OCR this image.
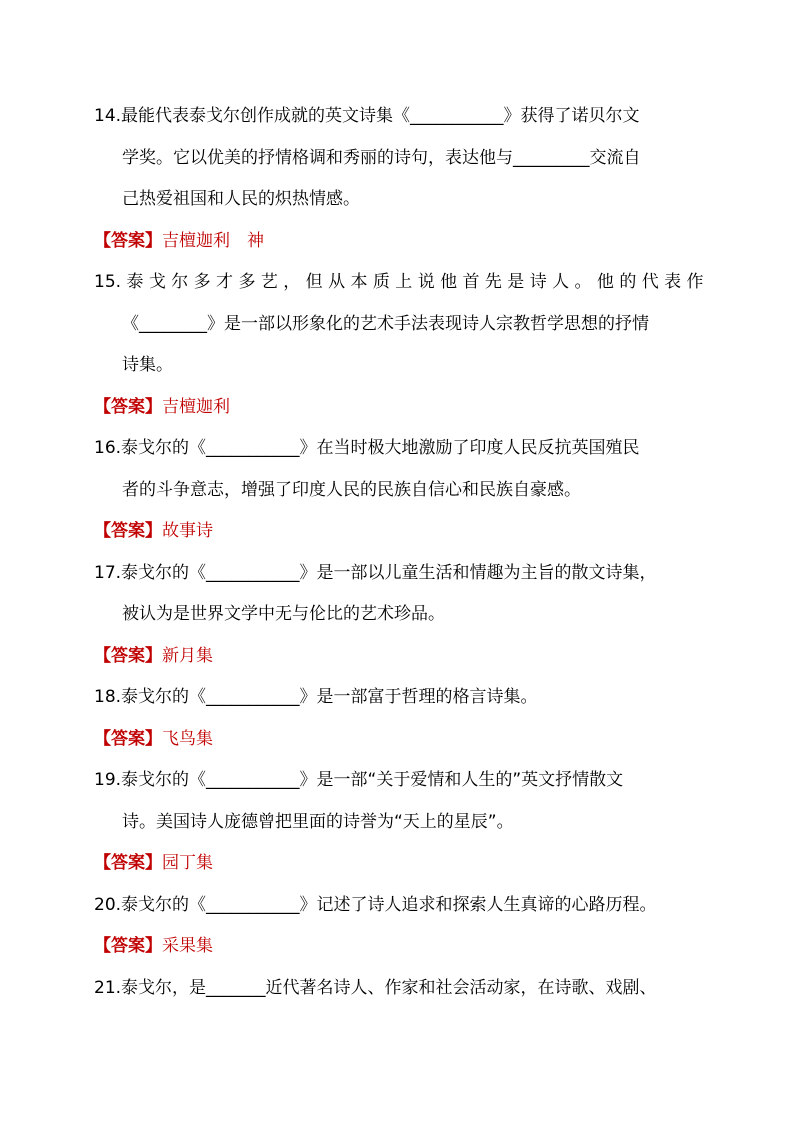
14.最能代表泰戈尔创作成就的英文诗集《___________》获得了诺贝尔文
学奖。它以优美的抒情格调和秀丽的诗句，表达他与_________交流自
己热爱祖国和人民的炽热情感。
【答案】吉檀迦利　神
15. 泰 戈 尔 多 才 多 艺 ， 但 从 本 质 上 说 他 首 先 是 诗 人 。 他 的 代 表 作
《________》是一部以形象化的艺术手法表现诗人宗教哲学思想的抒情
诗集。
【答案】吉檀迦利
16.泰戈尔的《___________》在当时极大地激励了印度人民反抗英国殖民
者的斗争意志，增强了印度人民的民族自信心和民族自豪感。
【答案】故事诗
17.泰戈尔的《___________》是一部以儿童生活和情趣为主旨的散文诗集，
被认为是世界文学中无与伦比的艺术珍品。
【答案】新月集
18.泰戈尔的《___________》是一部富于哲理的格言诗集。
【答案】飞鸟集
19.泰戈尔的《___________》是一部“关于爱情和人生的”英文抒情散文
诗。美国诗人庞德曾把里面的诗誉为“天上的星辰”。
【答案】园丁集
20.泰戈尔的《___________》记述了诗人追求和探索人生真谛的心路历程。
【答案】采果集
21.泰戈尔，是_______近代著名诗人、作家和社会活动家，在诗歌、戏剧、
